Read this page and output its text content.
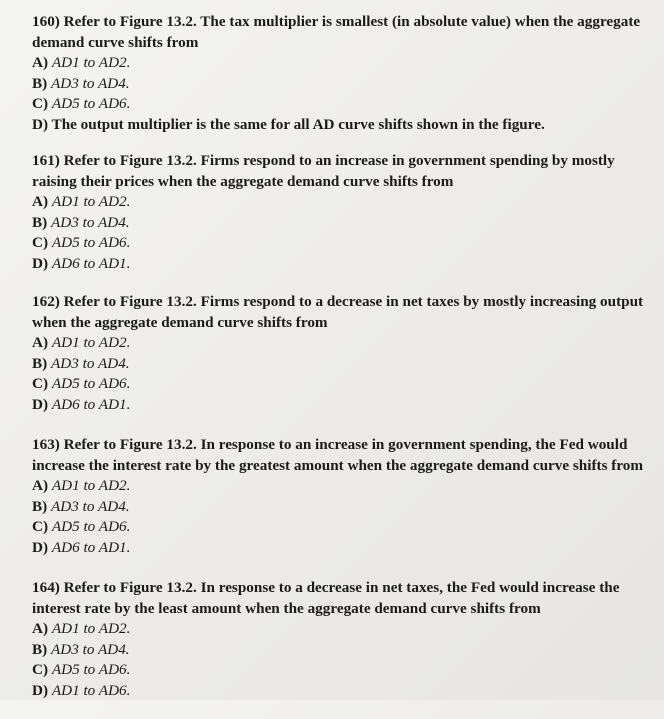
160) Refer to Figure 13.2. The tax multiplier is smallest (in absolute value) when the aggregate

demand curve shifts from

A) AD1 to AD2.

B) AD3 to AD4.

C) AD5 to AD6.

D) The output multiplier is the same for all AD curve shifts shown in the figure.

161) Refer to Figure 13.2. Firms respond to an increase in government spending by mostly

raising their prices when the aggregate demand curve shifts from

A) AD1 to AD2.

B) AD3 to AD4.

C) AD5 to AD6.

D) AD6 to AD1.

162) Refer to Figure 13.2. Firms respond to a decrease in net taxes by mostly increasing output

when the aggregate demand curve shifts from

A) AD1 to AD2.

B) AD3 to AD4.

C) AD5 to AD6.

D) AD6 to AD1.

163) Refer to Figure 13.2. In response to an increase in government spending, the Fed would

increase the interest rate by the greatest amount when the aggregate demand curve shifts from

A) AD1 to AD2.

B) AD3 to AD4.

C) AD5 to AD6.

D) AD6 to AD1.

164) Refer to Figure 13.2. In response to a decrease in net taxes, the Fed would increase the

interest rate by the least amount when the aggregate demand curve shifts from

A) AD1 to AD2.

B) AD3 to AD4.

C) AD5 to AD6.

D) AD1 to AD6.
